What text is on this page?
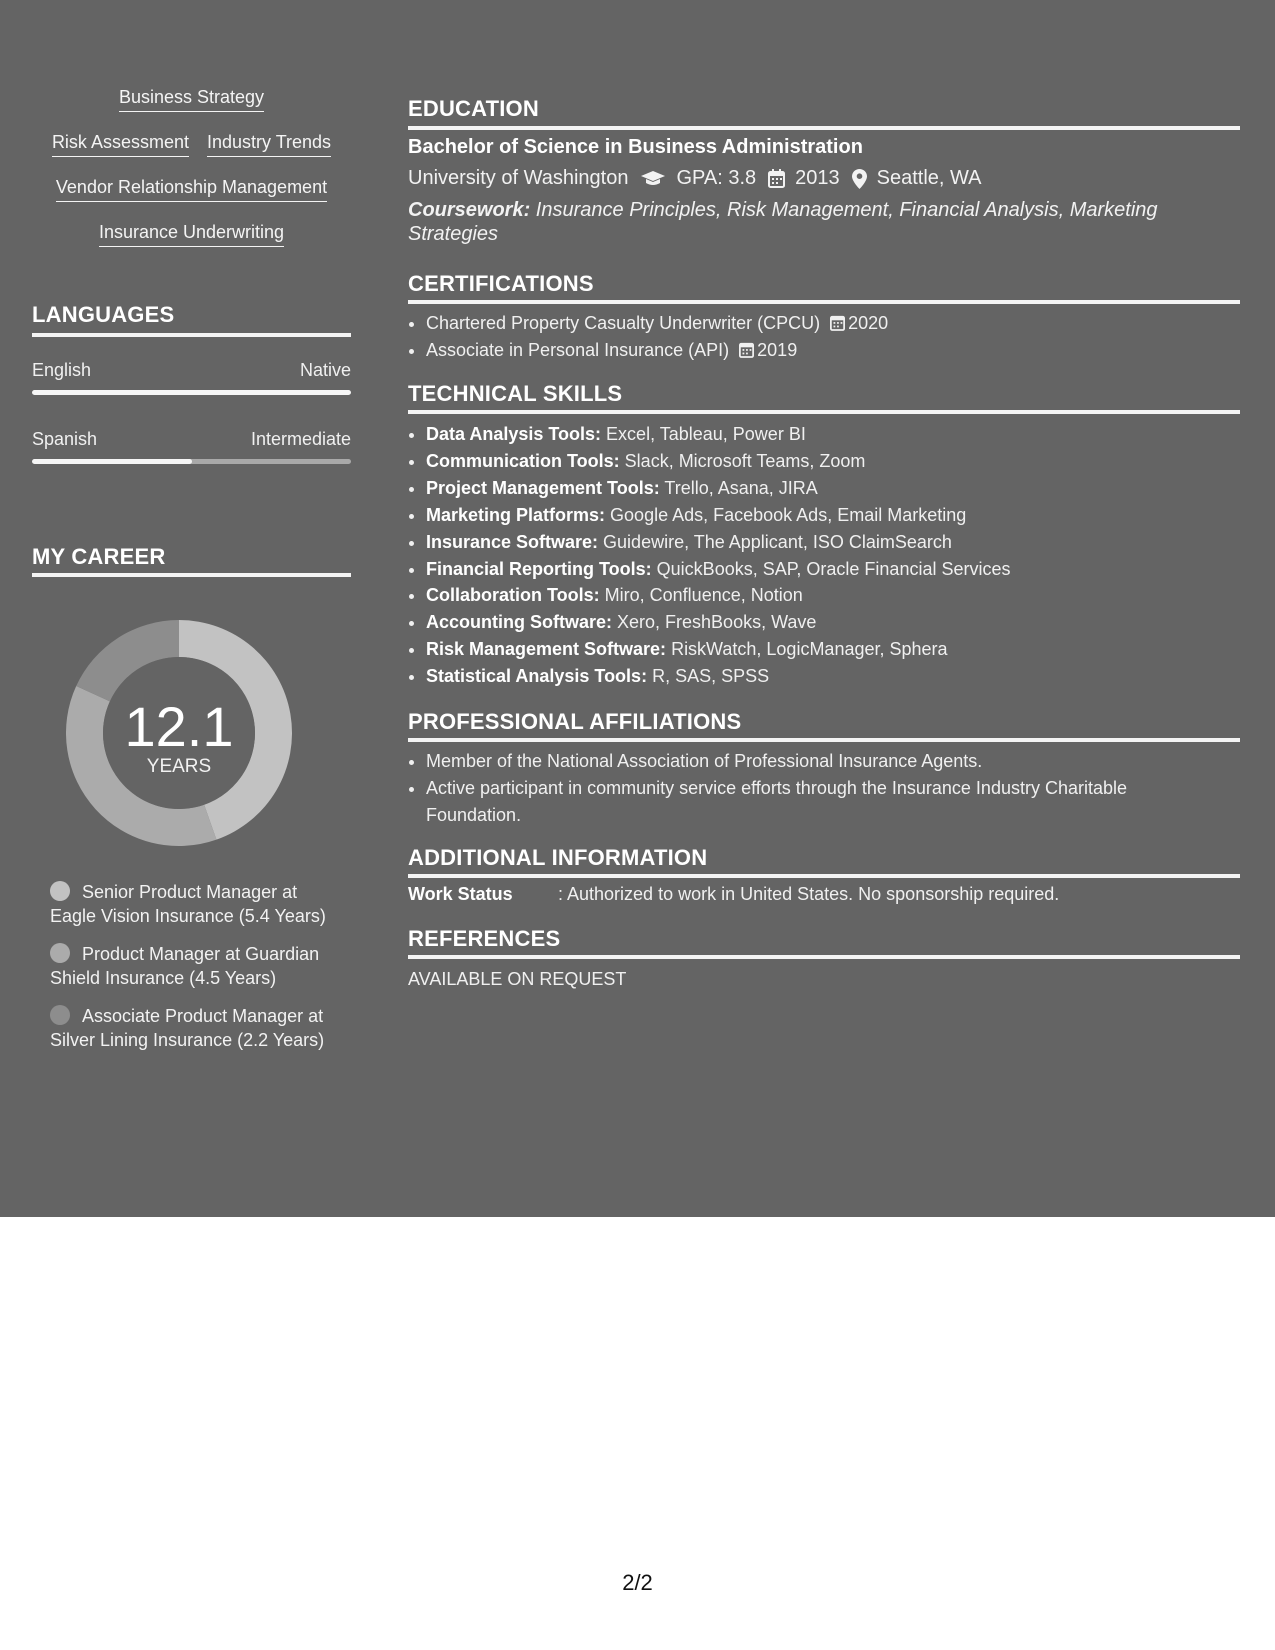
Business Strategy
Risk Assessment Industry Trends
Vendor Relationship Management
Insurance Underwriting
LANGUAGES
English	Native
Spanish	Intermediate
MY CAREER
12.1
YEARS
Senior Product Manager at Eagle Vision Insurance (5.4 Years)
Product Manager at Guardian Shield Insurance (4.5 Years)
Associate Product Manager at Silver Lining Insurance (2.2 Years)
EDUCATION
Bachelor of Science in Business Administration
University of Washington GPA: 3.8 2013 Seattle, WA
Coursework: Insurance Principles, Risk Management, Financial Analysis, Marketing Strategies
CERTIFICATIONS
• Chartered Property Casualty Underwriter (CPCU) 2020
• Associate in Personal Insurance (API) 2019
TECHNICAL SKILLS
• Data Analysis Tools: Excel, Tableau, Power BI
• Communication Tools: Slack, Microsoft Teams, Zoom
• Project Management Tools: Trello, Asana, JIRA
• Marketing Platforms: Google Ads, Facebook Ads, Email Marketing
• Insurance Software: Guidewire, The Applicant, ISO ClaimSearch
• Financial Reporting Tools: QuickBooks, SAP, Oracle Financial Services
• Collaboration Tools: Miro, Confluence, Notion
• Accounting Software: Xero, FreshBooks, Wave
• Risk Management Software: RiskWatch, LogicManager, Sphera
• Statistical Analysis Tools: R, SAS, SPSS
PROFESSIONAL AFFILIATIONS
• Member of the National Association of Professional Insurance Agents.
• Active participant in community service efforts through the Insurance Industry Charitable Foundation.
ADDITIONAL INFORMATION
Work Status	: Authorized to work in United States. No sponsorship required.
REFERENCES
AVAILABLE ON REQUEST
2/2
